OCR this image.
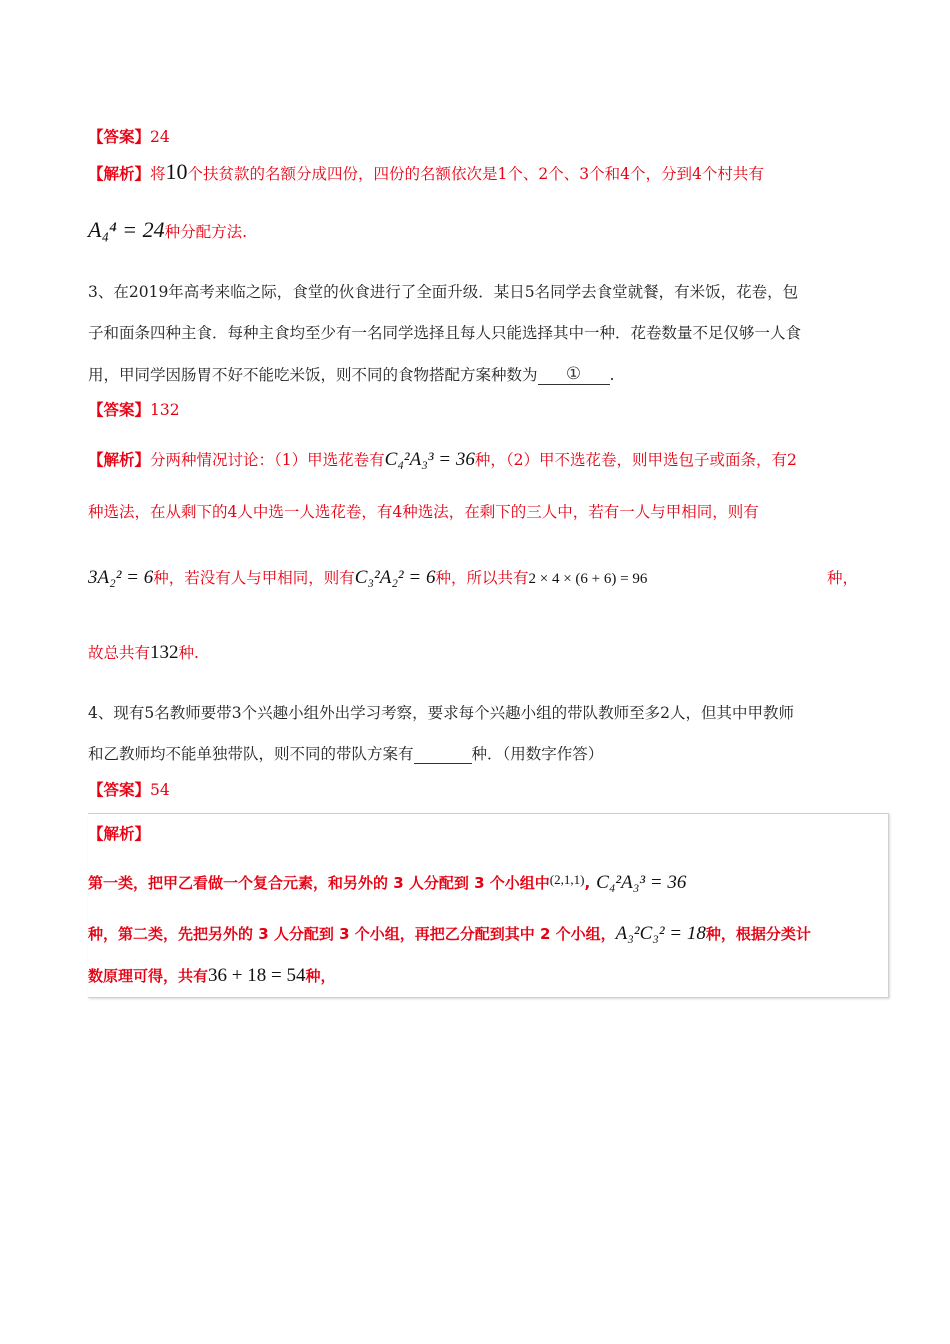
【答案】24
【解析】将10个扶贫款的名额分成四份，四份的名额依次是1个、2个、3个和4个，分到4个村共有
A₄⁴ = 24种分配方法.
3、在2019年高考来临之际，食堂的伙食进行了全面升级．某日5名同学去食堂就餐，有米饭，花卷，包
子和面条四种主食．每种主食均至少有一名同学选择且每人只能选择其中一种．花卷数量不足仅够一人食
用，甲同学因肠胃不好不能吃米饭，则不同的食物搭配方案种数为 ① .
【答案】132
【解析】分两种情况讨论：（1）甲选花卷有C₄²A₃³ = 36种，（2）甲不选花卷，则甲选包子或面条，有2
种选法，在从剩下的4人中选一人选花卷，有4种选法，在剩下的三人中，若有一人与甲相同，则有
3A₂² = 6种，若没有人与甲相同，则有C₃²A₂² = 6种，所以共有2 × 4 × (6 + 6) = 96	种，
故总共有132种.
4、现有5名教师要带3个兴趣小组外出学习考察，要求每个兴趣小组的带队教师至多2人，但其中甲教师
和乙教师均不能单独带队，则不同的带队方案有	种．（用数字作答）
【答案】54
【解析】
第一类，把甲乙看做一个复合元素，和另外的 3 人分配到 3 个小组中$^{(2,1,1)}$, C₄²A₃³ = 36
种，第二类，先把另外的 3 人分配到 3 个小组，再把乙分配到其中 2 个小组，A₃²C₃² = 18种，根据分类计
数原理可得，共有36 + 18 = 54种，
